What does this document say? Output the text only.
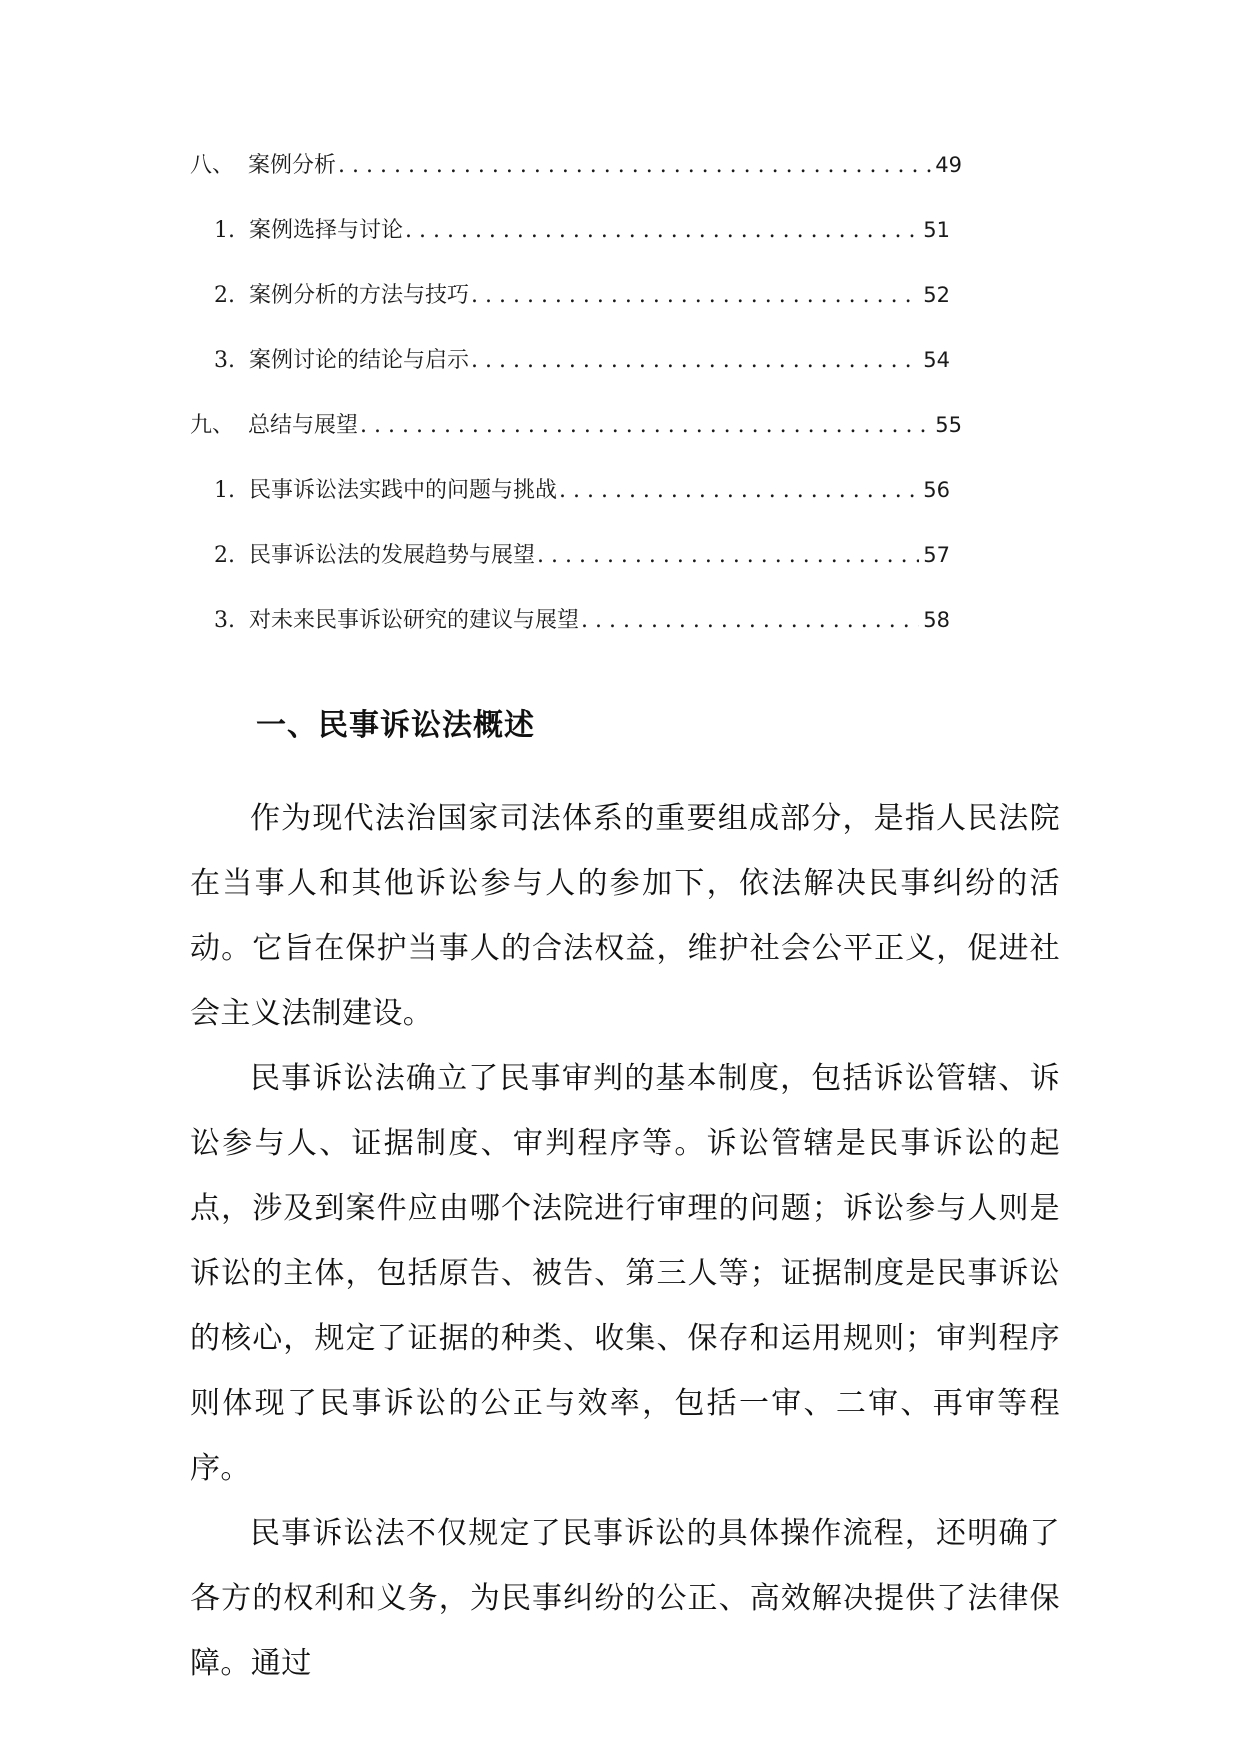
八、 案例分析 . . .	49
1. 案例选择与讨论 . . .	51
2. 案例分析的方法与技巧 . . .	52
3. 案例讨论的结论与启示 . . .	54
九、 总结与展望 . . .	55
1. 民事诉讼法实践中的问题与挑战 . . .	56
2. 民事诉讼法的发展趋势与展望 . . .	57
3. 对未来民事诉讼研究的建议与展望 . . .	58
一、民事诉讼法概述

作为现代法治国家司法体系的重要组成部分，是指人民法院在当事人和其他诉讼参与人的参加下，依法解决民事纠纷的活动。它旨在保护当事人的合法权益，维护社会公平正义，促进社会主义法制建设。

民事诉讼法确立了民事审判的基本制度，包括诉讼管辖、诉讼参与人、证据制度、审判程序等。诉讼管辖是民事诉讼的起点，涉及到案件应由哪个法院进行审理的问题；诉讼参与人则是诉讼的主体，包括原告、被告、第三人等；证据制度是民事诉讼的核心，规定了证据的种类、收集、保存和运用规则；审判程序则体现了民事诉讼的公正与效率，包括一审、二审、再审等程序。

民事诉讼法不仅规定了民事诉讼的具体操作流程，还明确了各方的权利和义务，为民事纠纷的公正、高效解决提供了法律保障。通过
